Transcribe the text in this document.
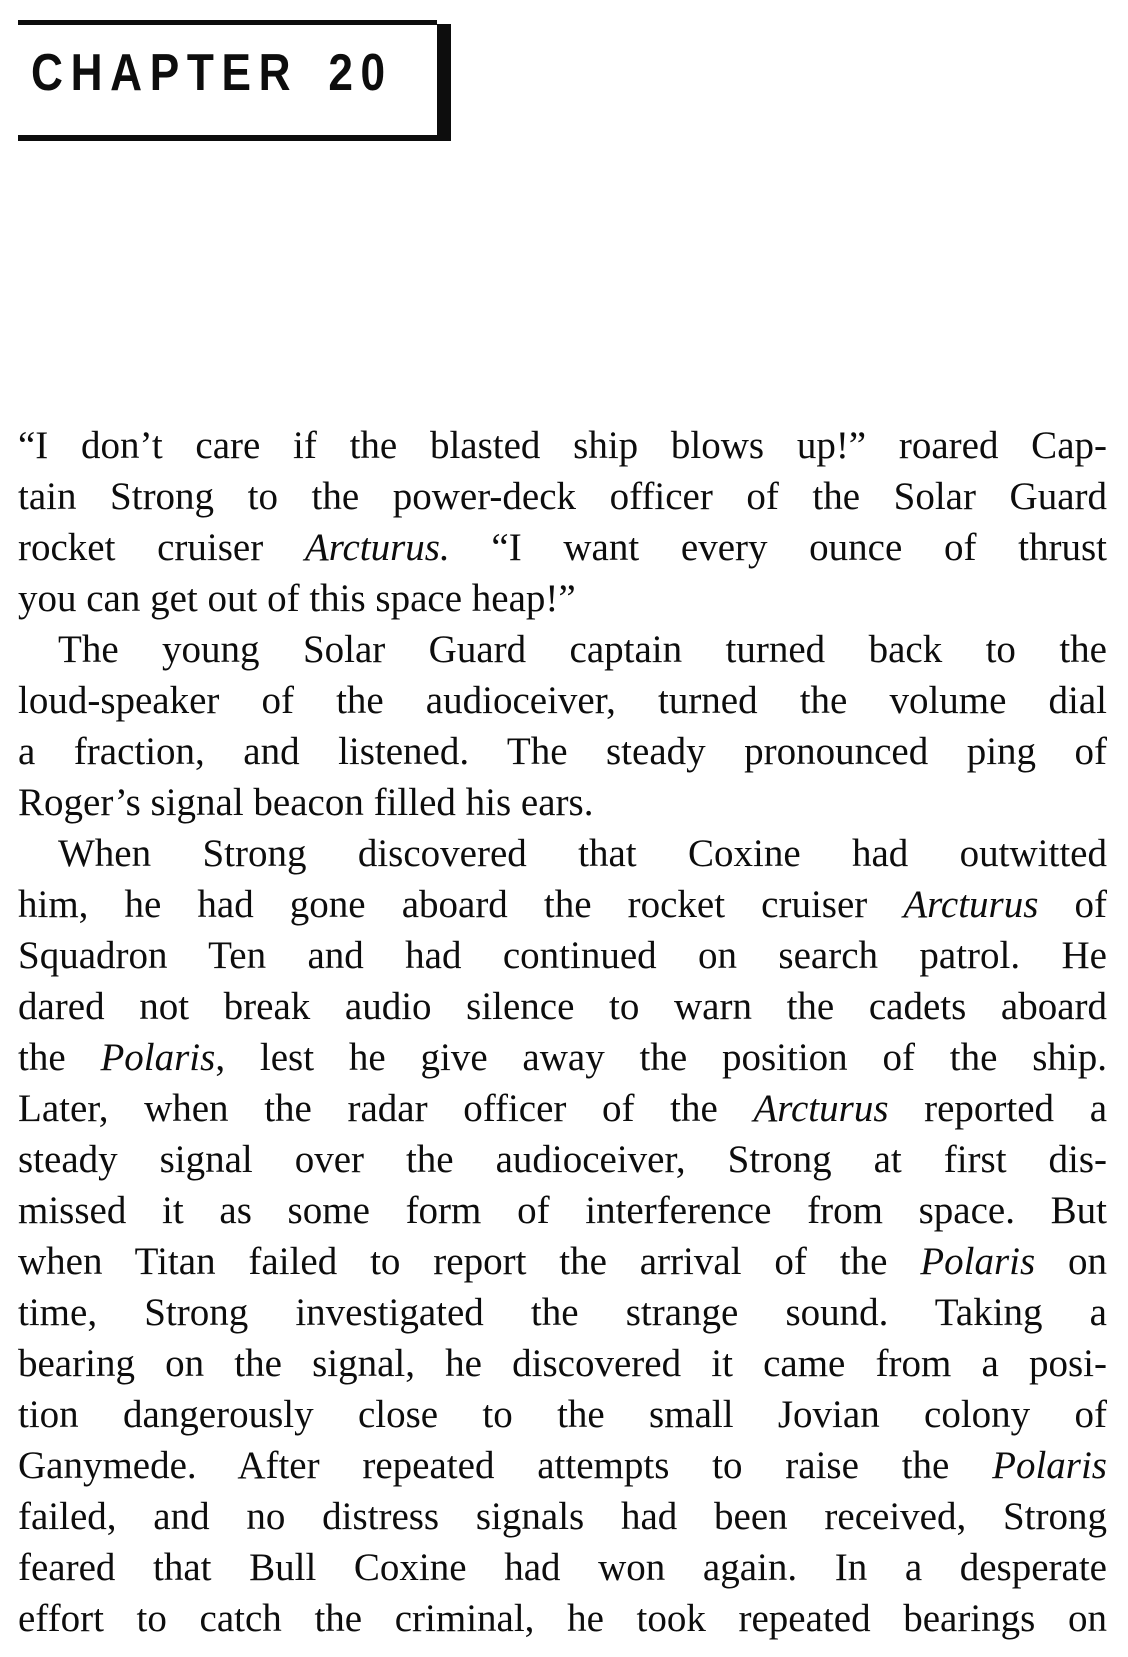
CHAPTER 20

“I don’t care if the blasted ship blows up!” roared Cap-
tain Strong to the power-deck officer of the Solar Guard
rocket cruiser Arcturus. “I want every ounce of thrust
you can get out of this space heap!”

The young Solar Guard captain turned back to the
loud-speaker of the audioceiver, turned the volume dial
a fraction, and listened. The steady pronounced ping of
Roger’s signal beacon filled his ears.

When Strong discovered that Coxine had outwitted
him, he had gone aboard the rocket cruiser Arcturus of
Squadron Ten and had continued on search patrol. He
dared not break audio silence to warn the cadets aboard
the Polaris, lest he give away the position of the ship.
Later, when the radar officer of the Arcturus reported a
steady signal over the audioceiver, Strong at first dis-
missed it as some form of interference from space. But
when Titan failed to report the arrival of the Polaris on
time, Strong investigated the strange sound. Taking a
bearing on the signal, he discovered it came from a posi-
tion dangerously close to the small Jovian colony of
Ganymede. After repeated attempts to raise the Polaris
failed, and no distress signals had been received, Strong
feared that Bull Coxine had won again. In a desperate
effort to catch the criminal, he took repeated bearings on
